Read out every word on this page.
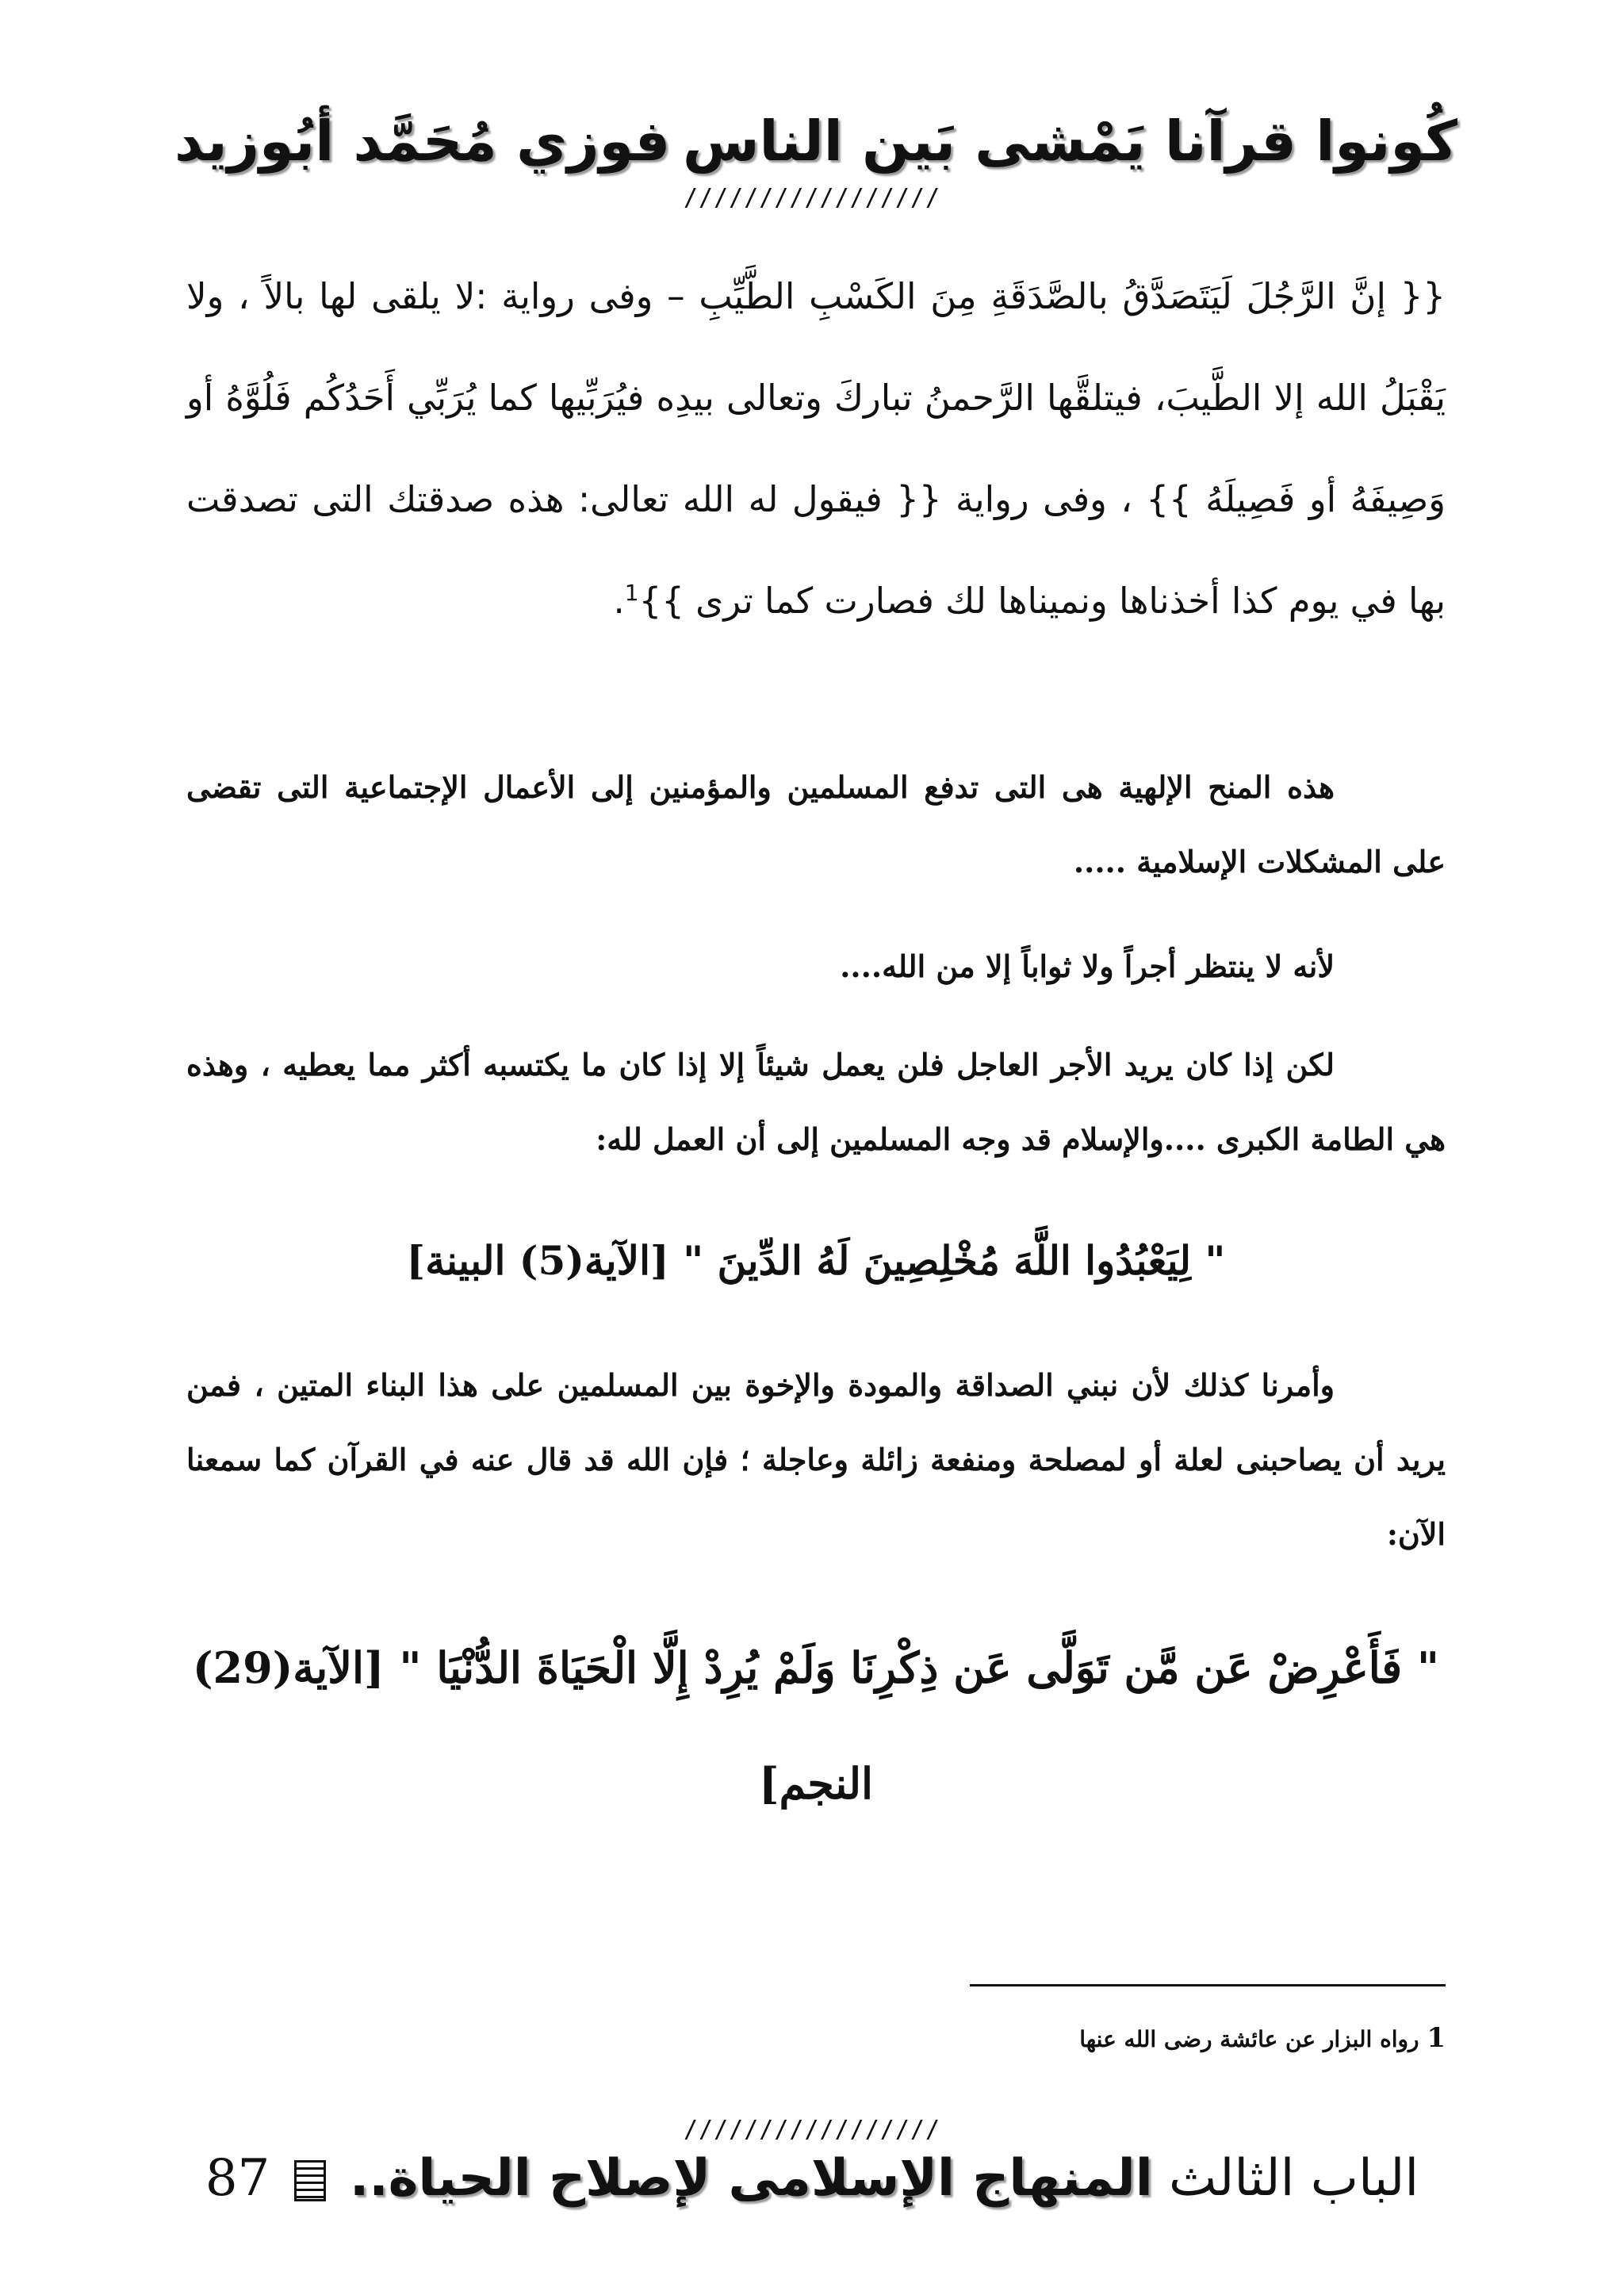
كُونوا قرآنا يَمْشى بَين الناس
فوزي مُحَمَّد أبُوزيد
/////////////////
{{ إنَّ الرَّجُلَ لَيَتَصَدَّقُ بالصَّدَقَةِ مِنَ الكَسْبِ الطَّيِّبِ – وفى رواية :لا يلقى لها بالاً ، ولا يَقْبَلُ الله إلا الطَّيبَ، فيتلقَّها الرَّحمنُ تباركَ وتعالى بيدِه فيُرَبِّيها كما يُرَبِّي أَحَدُكُم فَلُوَّهُ أو وَصِيفَهُ أو فَصِيلَهُ }} ، وفى رواية {{ فيقول له الله تعالى: هذه صدقتك التى تصدقت بها في يوم كذا أخذناها ونميناها لك فصارت كما ترى }}$^1$.
هذه المنح الإلهية هى التى تدفع المسلمين والمؤمنين إلى الأعمال الإجتماعية التى تقضى على المشكلات الإسلامية .....
لأنه لا ينتظر أجراً ولا ثواباً إلا من الله....
لكن إذا كان يريد الأجر العاجل فلن يعمل شيئاً إلا إذا كان ما يكتسبه أكثر مما يعطيه ، وهذه هي الطامة الكبرى ....والإسلام قد وجه المسلمين إلى أن العمل لله:
" لِيَعْبُدُوا اللَّهَ مُخْلِصِينَ لَهُ الدِّينَ " [الآية(5) البينة]
وأمرنا كذلك لأن نبني الصداقة والمودة والإخوة بين المسلمين على هذا البناء المتين ، فمن يريد أن يصاحبنى لعلة أو لمصلحة ومنفعة زائلة وعاجلة ؛ فإن الله قد قال عنه في القرآن كما سمعنا الآن:
" فَأَعْرِضْ عَن مَّن تَوَلَّى عَن ذِكْرِنَا وَلَمْ يُرِدْ إِلَّا الْحَيَاةَ الدُّنْيَا " [الآية(29) النجم]
1 رواه البزار عن عائشة رضى الله عنها
/////////////////
الباب الثالث المنهاج الإسلامى لإصلاح الحياة..  87
